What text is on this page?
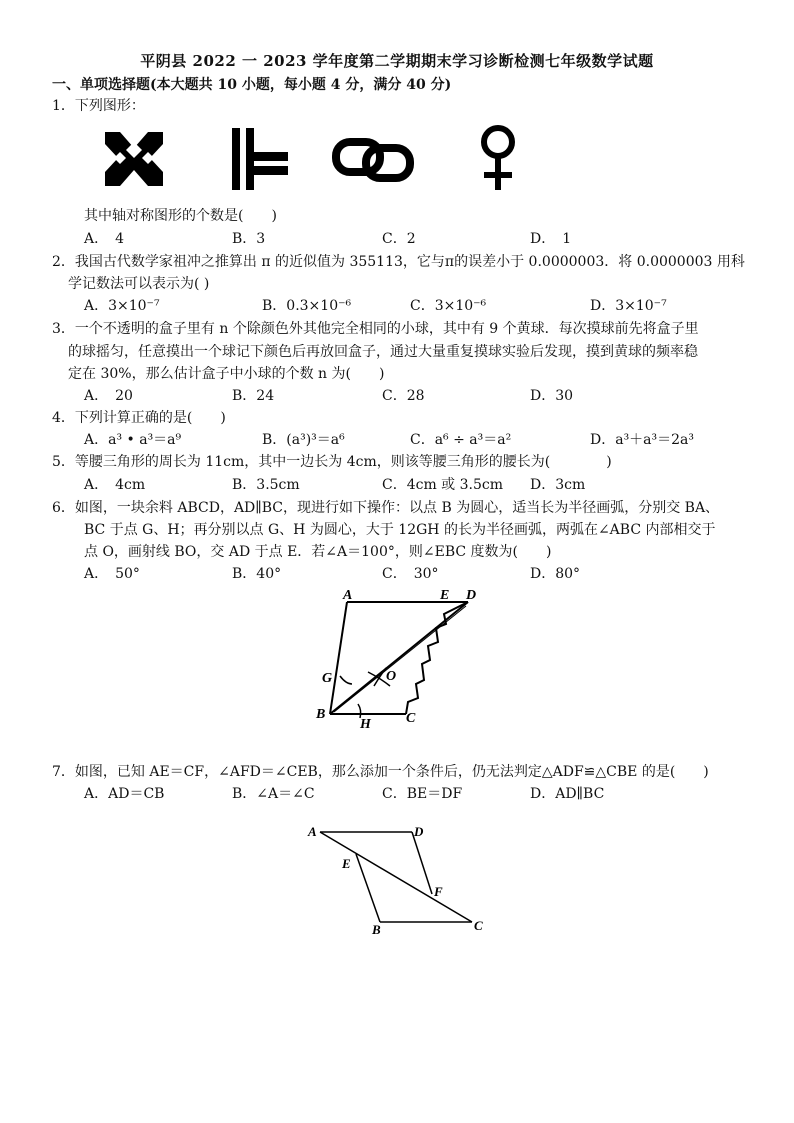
平阴县 2022 一 2023 学年度第二学期期末学习诊断检测七年级数学试题
一、单项选择题(本大题共 10 小题，每小题 4 分，满分 40 分)
1．下列图形：
其中轴对称图形的个数是(　　)
A．　4	B．3	C．2	D．　1
2．我国古代数学家祖冲之推算出 π 的近似值为 355113，它与π的误差小于 0.0000003．将 0.0000003 用科
学记数法可以表示为( )
A．3×10⁻⁷	B．0.3×10⁻⁶	C．3×10⁻⁶	D．3×10⁻⁷
3．一个不透明的盒子里有 n 个除颜色外其他完全相同的小球，其中有 9 个黄球．每次摸球前先将盒子里
的球摇匀，任意摸出一个球记下颜色后再放回盒子，通过大量重复摸球实验后发现，摸到黄球的频率稳
定在 30%，那么估计盒子中小球的个数 n 为(　　)
A．　20	B．24	C．28	D．30
4．下列计算正确的是(　　)
A．a³ • a³＝a⁹	B．(a³)³＝a⁶	C．a⁶ ÷ a³＝a²	D．a³＋a³＝2a³
5．等腰三角形的周长为 11cm，其中一边长为 4cm，则该等腰三角形的腰长为(　　　　)
A．　4cm	B．3.5cm	C．4cm 或 3.5cm D．3cm
6．如图，一块余料 ABCD，AD∥BC，现进行如下操作：以点 B 为圆心，适当长为半径画弧，分别交 BA、
BC 于点 G、H；再分别以点 G、H 为圆心，大于 12GH 的长为半径画弧，两弧在∠ABC 内部相交于
点 O，画射线 BO，交 AD 于点 E．若∠A＝100°，则∠EBC 度数为(　　)
A．　50°	B．40°	C．　30°	D．80°
A	E D
G	O
B
H	C
7．如图，已知 AE＝CF，∠AFD＝∠CEB，那么添加一个条件后，仍无法判定△ADF≌△CBE 的是(　　)
A．AD＝CB	B．∠A＝∠C	C．BE＝DF	D．AD∥BC
A	D
E
F
B	C
